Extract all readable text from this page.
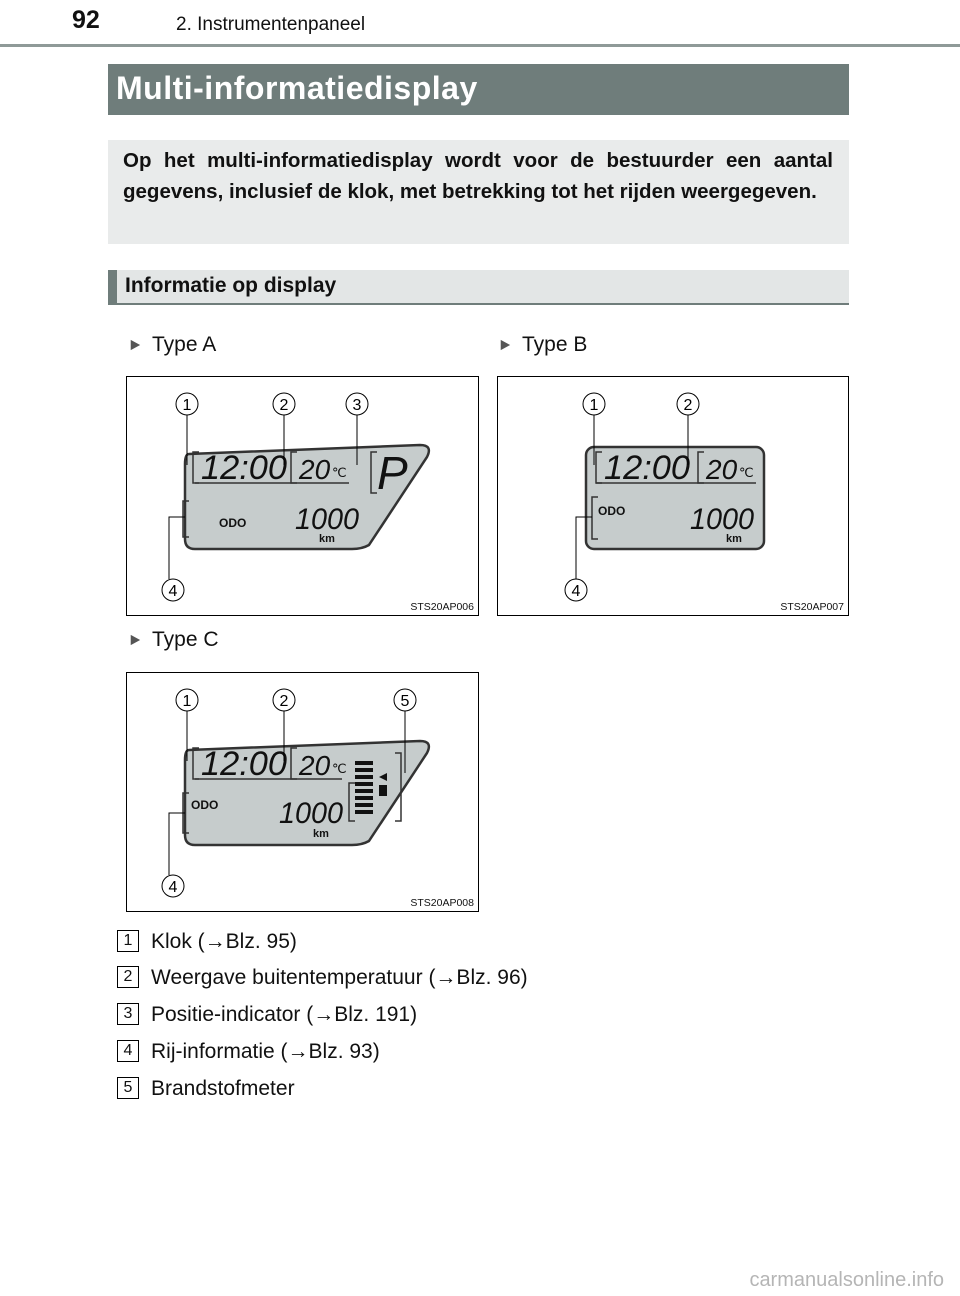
92	2. Instrumentenpaneel
Multi-informatiedisplay
Op het multi-informatiedisplay wordt voor de bestuurder een aantal gegevens, inclusief de klok, met betrekking tot het rijden weergegeven.
Informatie op display
Type A	Type B
Type C
12:00 20 ℃ P
ODO 1000
km
1	2	3
4
STS20AP006
12:00 20 ℃
ODO 1000
km
1	2
4
STS20AP007
12:00 20 ℃
ODO 1000
km
1	2	5
4
STS20AP008
1 Klok (→Blz. 95)
2 Weergave buitentemperatuur (→Blz. 96)
3 Positie-indicator (→Blz. 191)
4 Rij-informatie (→Blz. 93)
5 Brandstofmeter
carmanualsonline.info
